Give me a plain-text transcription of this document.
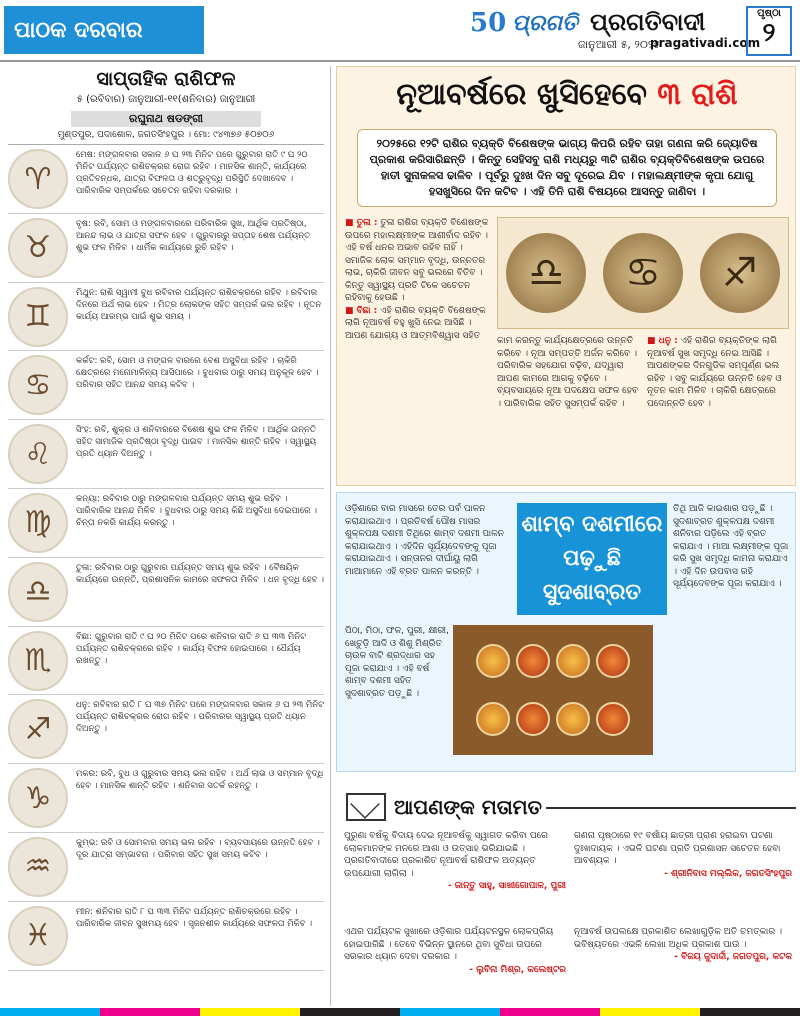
ପାଠକ ଦରବାର	50 ପ୍ରଗତି ପ୍ରଗତିବାଦୀ
ଜାନୁଆରୀ ୫, ୨୦୨୫
pragativadi.com
ପୃଷ୍ଠା
୨
ସାପ୍ତାହିକ ରାଶିଫଳ
୫ (ରବିବାର) ଜାନୁଆରୀ-୧୧(ଶନିବାର) ଜାନୁଆରୀ
ରଘୁନାଥ ଷଡଙ୍ଗୀ
ମୁଣ୍ଡପୁର, ପଦାଶୋଳ, ଜଗତସିଂହପୁର । ମୋ: ୯୪୩୭୬ ୫୦୭୦୬
♈
ମେଷ: ମଙ୍ଗଳବାର ସକାଳ ୬ ଘ ୨୩ ମିନିଟ ପରେ ଗୁରୁବାର ରାତି ୯ ଘ ୨୦ ମିନିଟ ପର୍ଯ୍ୟନ୍ତ ରାଶିଚକ୍ରର ରୋଗ ରହିବ । ମାନସିକ ଶାନ୍ତି, କାର୍ଯ୍ୟରେ ପ୍ରତିବନ୍ଧକ, ଯାତ୍ରା ବିଫଳତା ଓ ଶତ୍ରୁବୃଦ୍ଧି ପରିସ୍ଥିତି ଦେଖାଦେବ । ପାରିବାରିକ ସମ୍ପର୍କରେ ସଚେତନ ରହିବା ଦରକାର ।
♉
ବୃଷ: ରବି, ସୋମ ଓ ମଙ୍ଗଳବାରରେ ପରିବାରିକ ସୁଖ, ଆର୍ଥିକ ପ୍ରତିଷ୍ଠା, ଆନନ୍ଦ ଲାଭ ଓ ଯାତ୍ରା ସଫଳ ହେବ । ଗୁରୁବାରରୁ ସପ୍ତାହ ଶେଷ ପର୍ଯ୍ୟନ୍ତ ଶୁଭ ଫଳ ମିଳିବ । ଧାର୍ମିକ କାର୍ଯ୍ୟରେ ରୁଚି ରହିବ ।
♊
ମିଥୁନ: ରାଶି ସ୍ୱାମୀ ବୁଧ ରବିବାର ପର୍ଯ୍ୟନ୍ତ ରାଶିଚକ୍ରରେ ରହିବ । ରବିବାର ଦିନରେ ଅର୍ଥ ଲାଭ ହେବ । ମିତ୍ର ଲୋକଙ୍କ ସହିତ ସମ୍ପର୍କ ଭଲ ରହିବ । ନୂତନ କାର୍ଯ୍ୟ ଆରମ୍ଭ ପାଇଁ ଶୁଭ ସମୟ ।
♋
କର୍କଟ: ରବି, ସୋମ ଓ ମଙ୍ଗଳ ବାରରେ ବେଶ ଅସୁବିଧା ରହିବ । ଚାକିରି କ୍ଷେତ୍ରରେ ମନୋମାଳିନ୍ୟ ଆସିପାରେ । ବୁଧବାର ଠାରୁ ସମୟ ଅନୁକୂଳ ହେବ । ପରିବାର ସହିତ ଆନନ୍ଦ ସମୟ କଟିବ ।
♌
ସିଂହ: ରବି, ଶୁକ୍ର ଓ ଶନିବାରରେ ବିଶେଷ ଶୁଭ ଫଳ ମିଳିବ । ଆର୍ଥିକ ଉନ୍ନତି ସହିତ ସାମାଜିକ ପ୍ରତିଷ୍ଠା ବୃଦ୍ଧି ପାଇବ । ମାନସିକ ଶାନ୍ତି ରହିବ । ସ୍ୱାସ୍ଥ୍ୟ ପ୍ରତି ଧ୍ୟାନ ଦିଅନ୍ତୁ ।
♍
କନ୍ୟା: ରବିବାର ଠାରୁ ମଙ୍ଗଳବାର ପର୍ଯ୍ୟନ୍ତ ସମୟ ଶୁଭ ରହିବ । ପାରିବାରିକ ଆନନ୍ଦ ମିଳିବ । ବୁଧବାର ଠାରୁ ସମୟ କିଛି ଅସୁବିଧା ଦେଇପାରେ । ଚିନ୍ତା ନକରି କାର୍ଯ୍ୟ କରନ୍ତୁ ।
♎
ତୁଳା: ରବିବାର ଠାରୁ ଗୁରୁବାର ପର୍ଯ୍ୟନ୍ତ ସମୟ ଶୁଭ ରହିବ । ବୈଷୟିକ କାର୍ଯ୍ୟରେ ଉନ୍ନତି, ପ୍ରଶାସନିକ କାମରେ ସଫଳତା ମିଳିବ । ଧନ ବୃଦ୍ଧି ହେବ ।
♏
ବିଛା: ଗୁରୁବାର ରାତି ୯ ଘ ୨୦ ମିନିଟ ପରେ ଶନିବାର ରାତି ୬ ଘ ୩୩ ମିନିଟ ପର୍ଯ୍ୟନ୍ତ ରାଶିଚକ୍ରରେ ରହିବ । କାର୍ଯ୍ୟ ବିଫଳ ହୋଇପାରେ । ଧୈର୍ଯ୍ୟ ରଖନ୍ତୁ ।
♐
ଧନୁ: ରବିବାର ରାତି ୮ ଘ ୩୭ ମିନିଟ ପରେ ମଙ୍ଗଳବାର ସକାଳ ୬ ଘ ୨୩ ମିନିଟ ପର୍ଯ୍ୟନ୍ତ ରାଶିଚକ୍ରର ରୋଗ ରହିବ । ପରିବାରର ସ୍ୱାସ୍ଥ୍ୟ ପ୍ରତି ଧ୍ୟାନ ଦିଅନ୍ତୁ ।
♑
ମକର: ରବି, ବୁଧ ଓ ଗୁରୁବାର ସମୟ ଭଲ ରହିବ । ଅର୍ଥ ଲାଭ ଓ ସମ୍ମାନ ବୃଦ୍ଧି ହେବ । ମାନସିକ ଶାନ୍ତି ରହିବ । ଶନିବାର ସତର୍କ ରହନ୍ତୁ ।
♒
କୁମ୍ଭ: ରବି ଓ ସୋମବାର ସମୟ ଭଲ ରହିବ । ବ୍ୟବସାୟରେ ଉନ୍ନତି ହେବ । ଦୂର ଯାତ୍ରା ସମ୍ଭାବନା । ପରିବାର ସହିତ ସୁଖ ସମୟ କଟିବ ।
♓
ମୀନ: ଶନିବାର ରାତି ୮ ଘ ୩୩ ମିନିଟ ପର୍ଯ୍ୟନ୍ତ ରାଶିଚକ୍ରରେ ରହିବ । ପାରିବାରିକ ଜୀବନ ସୁଖମୟ ହେବ । ସୃଜନଶୀଳ କାର୍ଯ୍ୟରେ ସଫଳତା ମିଳିବ ।
ନୂଆବର୍ଷରେ ଖୁସିହେବେ ୩ ରାଶି
୨୦୨୫ରେ ୧୨ଟି ରାଶିର ବ୍ୟକ୍ତି ବିଶେଷଙ୍କ ଭାଗ୍ୟ କିପରି ରହିବ ତାହା ଗଣନା କରି ଜ୍ୟୋତିଷ ପ୍ରକାଶ କରିସାରିଛନ୍ତି । କିନ୍ତୁ ସେହିସବୁ ରାଶି ମଧ୍ୟରୁ ୩ଟି ରାଶିର ବ୍ୟକ୍ତିବିଶେଷଙ୍କ ଉପରେ ହାତୀ ସୁନାକଳସ ଢାଳିବ । ପୂର୍ବରୁ ଦୁଃଖ ଦିନ ସବୁ ଦୂରେଇ ଯିବ । ମହାଲକ୍ଷ୍ମୀଙ୍କ କୃପା ଯୋଗୁ ହସଖୁସିରେ ଦିନ କଟିବ । ଏହି ତିନି ରାଶି ବିଷୟରେ ଆସନ୍ତୁ ଜାଣିବା ।
♎	♋	♐
■ ତୁଳା : ତୁଳା ରାଶିର ବ୍ୟକ୍ତି ବିଶେଷଙ୍କ ଉପରେ ମହାଲକ୍ଷ୍ମୀଙ୍କ ଆଶୀର୍ବାଦ ରହିବ । ଏହି ବର୍ଷ ଧନର ଅଭାବ ରହିବ ନାହିଁ । ସମାଜିକ ଲୋକ ସମ୍ମାନ ବୃଦ୍ଧି, ଉନ୍ନତର ଲାଭ, ଚାକିରି ଜୀବନ ସବୁ ଭଲରେ ବିତିବ । କିନ୍ତୁ ସ୍ୱାସ୍ଥ୍ୟ ପ୍ରତି ଟିକେ ସଚେତନ ରହିବାକୁ ହେଉଛି ।
■ ବିଛା : ଏହି ରାଶିର ବ୍ୟକ୍ତି ବିଶେଷଙ୍କ ଲାଗି ନୂଆବର୍ଷ ବହୁ ଖୁସି ନେଇ ଆସିଛି । ଆପଣ ଯୋଗ୍ୟ ଓ ଆତ୍ମବିଶ୍ୱାସ ସହିତ
କାମ କରନ୍ତୁ କାର୍ଯ୍ୟକ୍ଷେତ୍ରରେ ଉନ୍ନତି କରିବେ । ନୂଆ ସମ୍ପତ୍ତି ଅର୍ଜନ କରିବେ । ପରିବାରିକ ସହଯୋଗ ବଢ଼ିବ, ଯଦ୍ୱାରା ଆପଣ କାମରେ ଆଗକୁ ବଢ଼ିବେ । ବ୍ୟବସାୟରେ ନୂଆ ପଦକ୍ଷେପ ସଫଳ ହେବ । ପାରିବାରିକ ସହିତ ସୁସମ୍ପର୍କ ରହିବ ।
■ ଧନୁ : ଏହି ରାଶିର ବ୍ୟକ୍ତିଙ୍କ ଲାଗି ନୂଆବର୍ଷ ସୁଖ ସମୃଦ୍ଧି ନେଇ ଆସିଛି । ଆପଣଙ୍କର ଦିନଗୁଡିକ ସମ୍ପୂର୍ଣ୍ଣ ଭଲ ରହିବ । ସବୁ କାର୍ଯ୍ୟରେ ଉନ୍ନତି ହେବ ଓ ନୂତନ କାମ ମିଳିବ । ଚାକିରି କ୍ଷେତ୍ରରେ ପଦୋନ୍ନତି ହେବ ।
ଶାମ୍ବ ଦଶମୀରେ ପଢ଼ୁଛି ସୁଦଶାବ୍ରତ
ଓଡ଼ିଶାରେ ବାର ମାସରେ ତେର ପର୍ବ ପାଳନ କରାଯାଇଥାଏ । ପ୍ରତିବର୍ଷ ପୌଷ ମାସର ଶୁକ୍ଳପକ୍ଷ ଦଶମୀ ତିଥିରେ ଶାମ୍ବ ଦଶମୀ ପାଳନ କରାଯାଇଥାଏ । ଏହିଦିନ ସୂର୍ଯ୍ୟଦେବଙ୍କୁ ପୂଜା କରାଯାଇଥାଏ । ସନ୍ତାନର ଦୀର୍ଘାୟୁ ଲାଗି ମାଆମାନେ ଏହି ବ୍ରତ ପାଳନ କରନ୍ତି ।
ପିଠା, ମିଠା, ଫଳ, ପୁରୀ, କ୍ଷୀରୀ, ଖେଚୁଡ଼ି ଆଦି ଓ ଶିଶୁ ମିଶ୍ରିତ ଚାଉଳ ବାଟି ଶ୍ରଦ୍ଧାର ସହ ପୂଜା କରାଯାଏ । ଏହି ବର୍ଷ ଶାମ୍ବ ଦଶମୀ ସହିତ ସୁଦଶାବ୍ରତ ପଡ଼ୁଛି ।
ତିଥି ଆଜି କାଇଶାର ପଡ଼ୁଛି । ସୁଦଶାବ୍ରତ ଶୁକ୍ଳପକ୍ଷ ଦଶମୀ ଶନିବାର ପଡ଼ିଲେ ଏହି ବ୍ରତ କରାଯାଏ । ମାଆ ଲକ୍ଷ୍ମୀଙ୍କ ପୂଜା କରି ସୁଖ ସମୃଦ୍ଧି କାମନା କରାଯାଏ । ଏହି ଦିନ ଉପବାସ ରହି ସୂର୍ଯ୍ୟଦେବଙ୍କ ପୂଜା କରାଯାଏ ।
ଆପଣଙ୍କ ମତାମତ
ପୁରୁଣା ବର୍ଷକୁ ବିଦାୟ ଦେଇ ନୂଆବର୍ଷକୁ ସ୍ୱାଗତ କରିବା ପରେ ଲୋକମାନଙ୍କ ମନରେ ଆଶା ଓ ଉତ୍ସାହ ଭରିଯାଇଛି । ପ୍ରଗତିବାଦୀରେ ପ୍ରକାଶିତ ନୂଆବର୍ଷ ରାଶିଫଳ ଅତ୍ୟନ୍ତ ଉପଯୋଗୀ ଲାଗିଲା ।
- ଜାନ୍ତୁ ସାହୁ, ସାଖୀଗୋପାଳ, ପୁରୀ
ଏଥର ପର୍ଯ୍ୟଟକ ସୁଖାରେ ଓଡ଼ିଶାର ପର୍ଯ୍ୟଟନସ୍ଥଳ ଲୋକପ୍ରିୟ ହୋଇପାରିଛି । ତେବେ ବିଭିନ୍ନ ସ୍ଥାନରେ ଥିବା ସୁବିଧା ଉପରେ ସରକାର ଧ୍ୟାନ ଦେବା ଦରକାର ।
- ଲୁବିନା ମିଶ୍ର, କଲେଷ୍ଟର
ଗଣନା ପୃଷ୍ଠାରେ ୧୯ ବର୍ଷୀୟ ଛାତ୍ରୀ ପ୍ରାଣ ହରାଇବା ଘଟଣା ଦୁଃଖଦାୟକ । ଏଭଳି ଘଟଣା ପ୍ରତି ପ୍ରଶାସନ ସଚେତନ ହେବା ଆବଶ୍ୟକ ।
- ଶ୍ରୀନିବାସ ମଲ୍ଲିକ, ଜଗତସିଂହପୁର
ନୂଆବର୍ଷ ଉପଲକ୍ଷେ ପ୍ରକାଶିତ ଲେଖାଗୁଡ଼ିକ ଅତି ଚମତ୍କାର । ଭବିଷ୍ୟତରେ ଏଭଳି ଲେଖା ଅଧିକ ପ୍ରକାଶ ପାଉ ।
- ବିଜୟ ଜୁଦାର୍ଦ୍ଦୀ, ଜଗତପୁର, କଟକ
